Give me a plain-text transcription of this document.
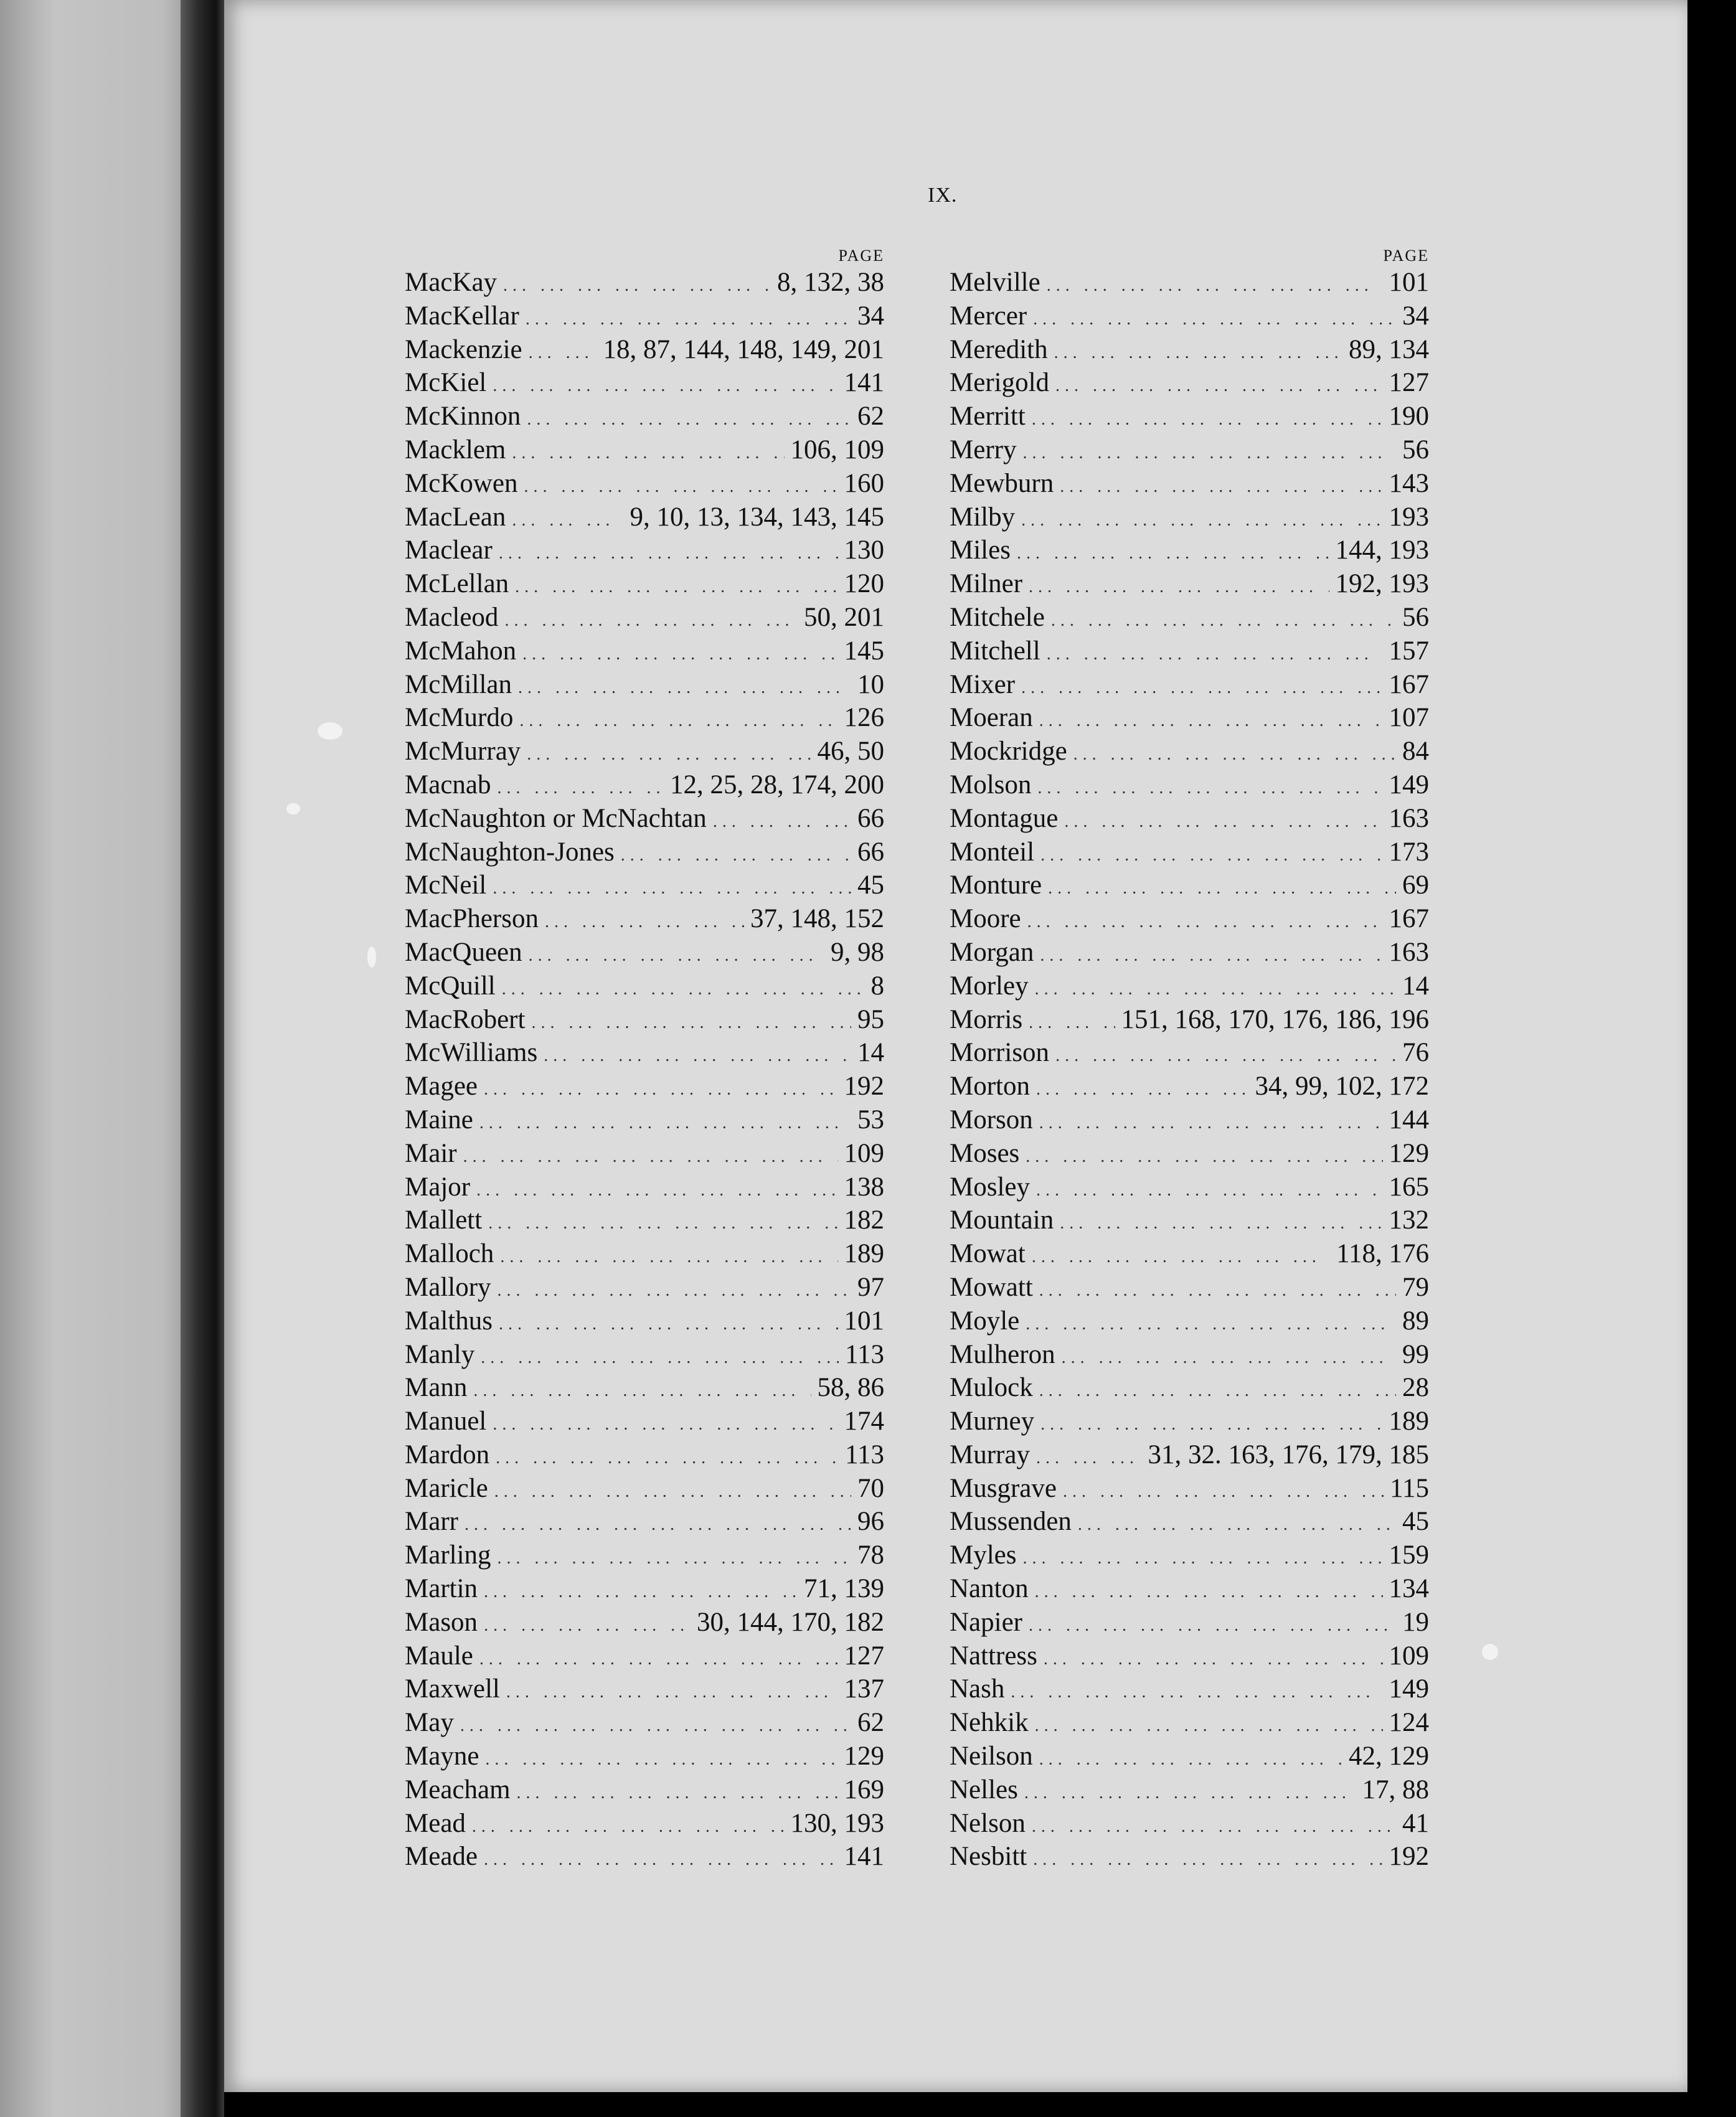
IX.
PAGE
MacKay ... .	8, 132, 38
MacKellar ... .	34
Mackenzie ... .	18, 87, 144, 148, 149, 201
McKiel ... .	141
McKinnon ... .	62
Macklem ... .	106, 109
McKowen ... .	160
MacLean ... .	9, 10, 13, 134, 143, 145
Maclear ... .	130
McLellan ... .	120
Macleod ... .	50, 201
McMahon ... .	145
McMillan ... .	10
McMurdo ... .	126
McMurray ... .	46, 50
Macnab ... .	12, 25, 28, 174, 200
McNaughton or McNachtan ... .	66
McNaughton-Jones ... .	66
McNeil ... .	45
MacPherson ... .	37, 148, 152
MacQueen ... .	9, 98
McQuill ... .	8
MacRobert ... .	95
McWilliams ... .	14
Magee ... .	192
Maine ... .	53
Mair ... .	109
Major ... .	138
Mallett ... .	182
Malloch ... .	189
Mallory ... .	97
Malthus ... .	101
Manly ... .	113
Mann ... .	58, 86
Manuel ... .	174
Mardon ... .	113
Maricle ... .	70
Marr ... .	96
Marling ... .	78
Martin ... .	71, 139
Mason ... .	30, 144, 170, 182
Maule ... .	127
Maxwell ... .	137
May ... .	62
Mayne ... .	129
Meacham ... .	169
Mead ... .	130, 193
Meade ... .	141
PAGE
Melville ... .	101
Mercer ... .	34
Meredith ... .	89, 134
Merigold ... .	127
Merritt ... .	190
Merry ... .	56
Mewburn ... .	143
Milby ... .	193
Miles ... .	144, 193
Milner ... .	192, 193
Mitchele ... .	56
Mitchell ... .	157
Mixer ... .	167
Moeran ... .	107
Mockridge ... .	84
Molson ... .	149
Montague ... .	163
Monteil ... .	173
Monture ... .	69
Moore ... .	167
Morgan ... .	163
Morley ... .	14
Morris ... .	151, 168, 170, 176, 186, 196
Morrison ... .	76
Morton ... .	34, 99, 102, 172
Morson ... .	144
Moses ... .	129
Mosley ... .	165
Mountain ... .	132
Mowat ... .	118, 176
Mowatt ... .	79
Moyle ... .	89
Mulheron ... .	99
Mulock ... .	28
Murney ... .	189
Murray ... .	31, 32. 163, 176, 179, 185
Musgrave ... .	115
Mussenden ... .	45
Myles ... .	159
Nanton ... .	134
Napier ... .	19
Nattress ... .	109
Nash ... .	149
Nehkik ... .	124
Neilson ... .	42, 129
Nelles ... .	17, 88
Nelson ... .	41
Nesbitt ... .	192
